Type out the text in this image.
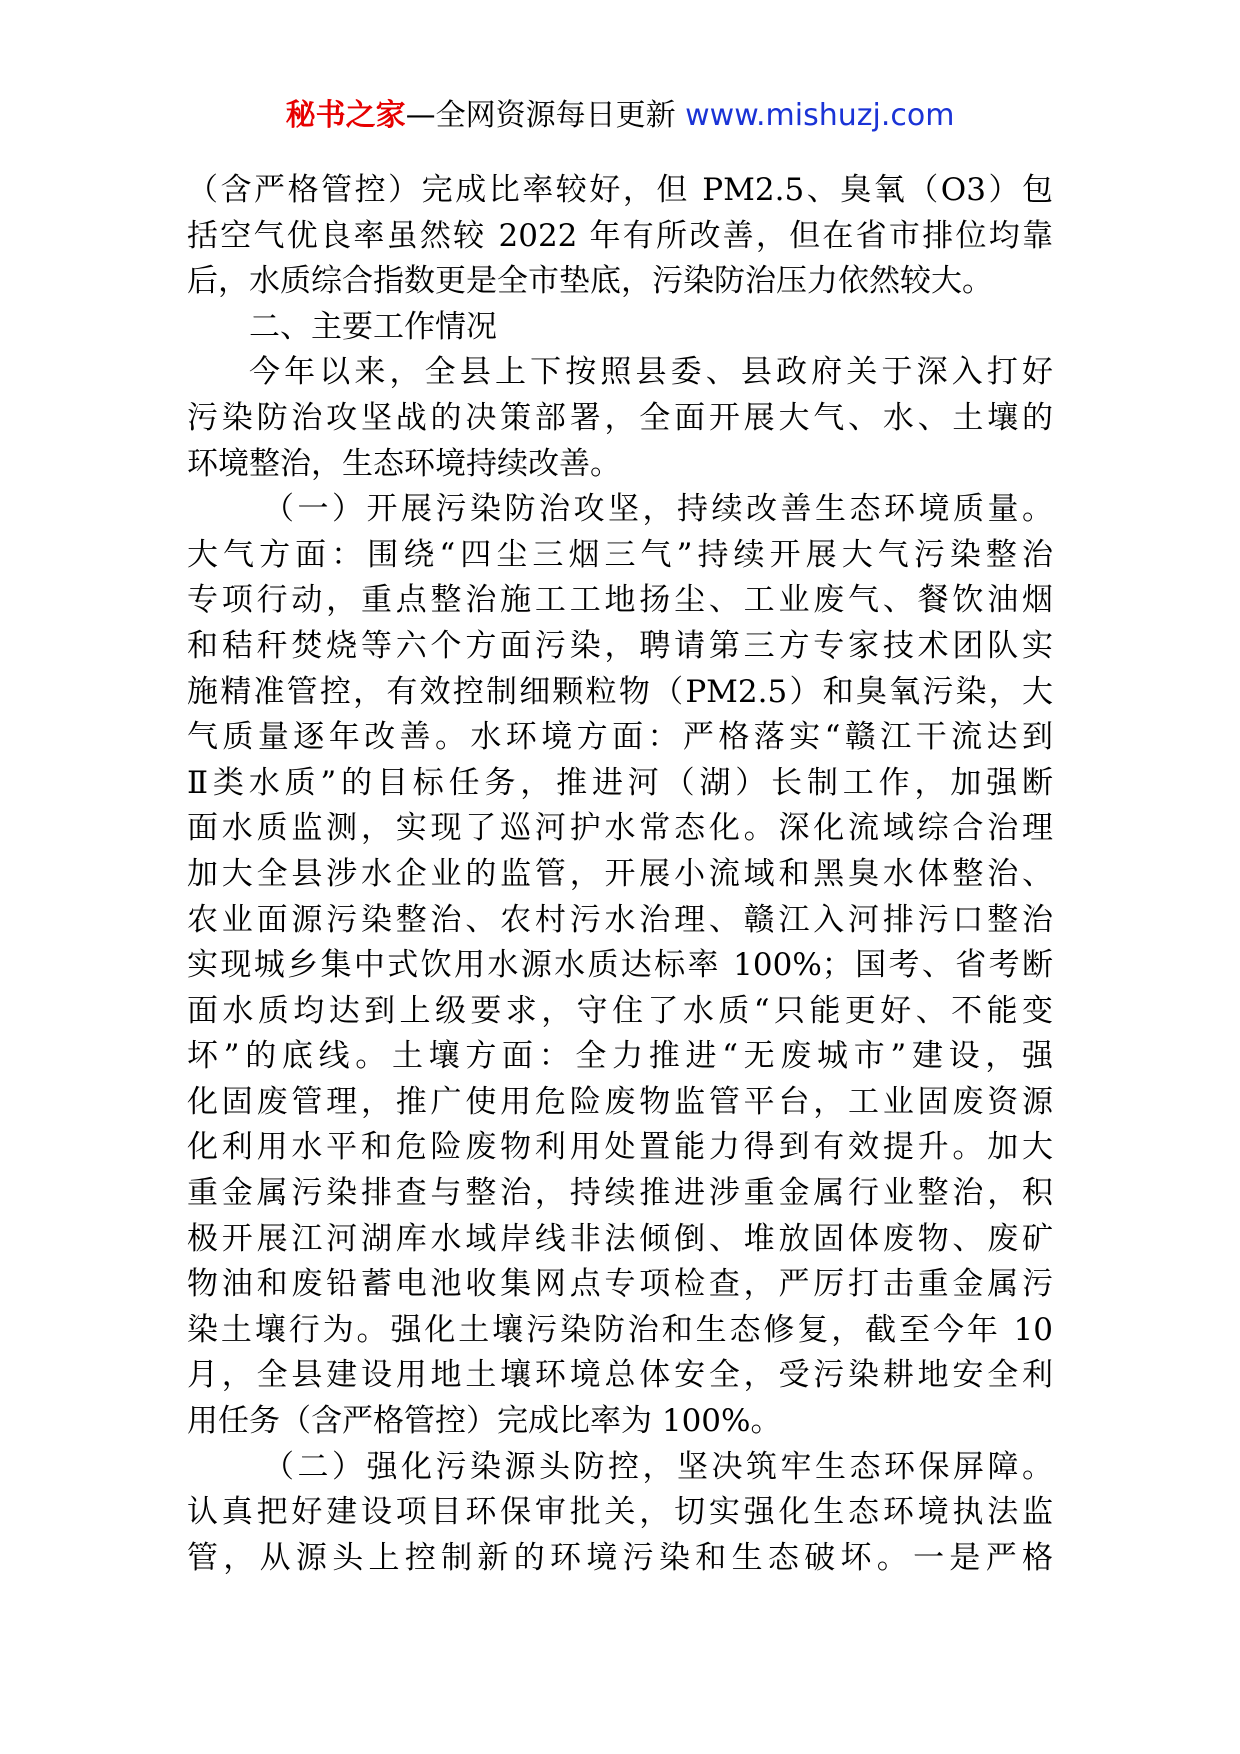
秘书之家—全网资源每日更新 www.mishuzj.com
（含严格管控）完成比率较好，但 PM2.5、臭氧（O3）包
括空气优良率虽然较 2022 年有所改善，但在省市排位均靠
后，水质综合指数更是全市垫底，污染防治压力依然较大。
二、主要工作情况
今年以来，全县上下按照县委、县政府关于深入打好
污染防治攻坚战的决策部署，全面开展大气、水、土壤的
环境整治，生态环境持续改善。
（一）开展污染防治攻坚，持续改善生态环境质量。
大气方面：围绕“四尘三烟三气”持续开展大气污染整治
专项行动，重点整治施工工地扬尘、工业废气、餐饮油烟
和秸秆焚烧等六个方面污染，聘请第三方专家技术团队实
施精准管控，有效控制细颗粒物（PM2.5）和臭氧污染，大
气质量逐年改善。水环境方面：严格落实“赣江干流达到
Ⅱ类水质”的目标任务，推进河（湖）长制工作，加强断
面水质监测，实现了巡河护水常态化。深化流域综合治理
加大全县涉水企业的监管，开展小流域和黑臭水体整治、
农业面源污染整治、农村污水治理、赣江入河排污口整治
实现城乡集中式饮用水源水质达标率 100%；国考、省考断
面水质均达到上级要求，守住了水质“只能更好、不能变
坏”的底线。土壤方面：全力推进“无废城市”建设，强
化固废管理，推广使用危险废物监管平台，工业固废资源
化利用水平和危险废物利用处置能力得到有效提升。加大
重金属污染排查与整治，持续推进涉重金属行业整治，积
极开展江河湖库水域岸线非法倾倒、堆放固体废物、废矿
物油和废铅蓄电池收集网点专项检查，严厉打击重金属污
染土壤行为。强化土壤污染防治和生态修复，截至今年 10
月，全县建设用地土壤环境总体安全，受污染耕地安全利
用任务（含严格管控）完成比率为 100%。
（二）强化污染源头防控，坚决筑牢生态环保屏障。
认真把好建设项目环保审批关，切实强化生态环境执法监
管，从源头上控制新的环境污染和生态破坏。一是严格
